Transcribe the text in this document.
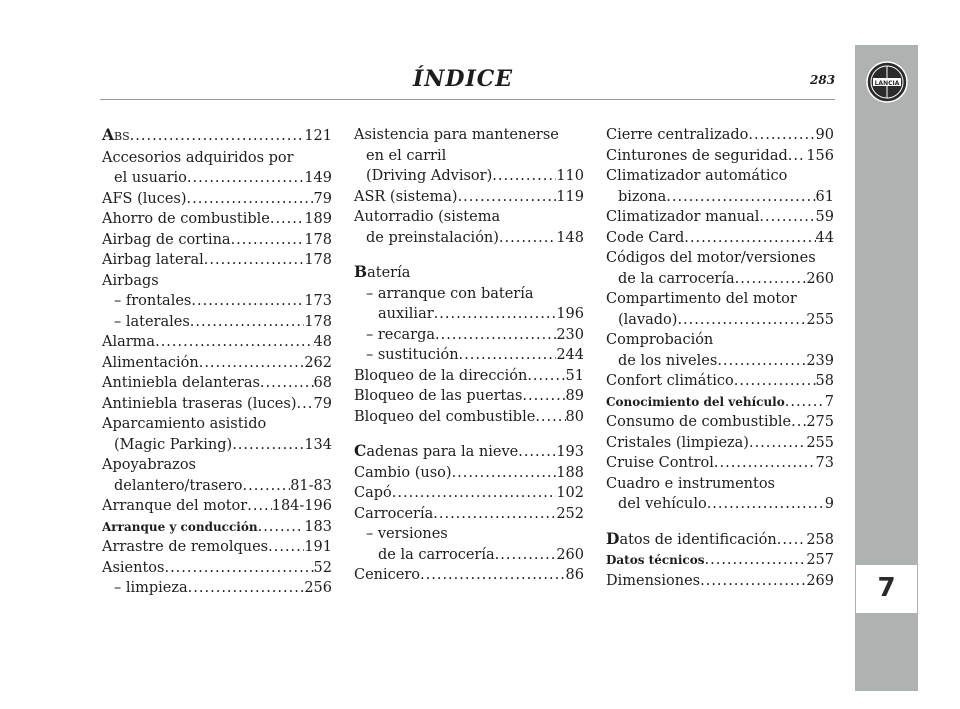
LANCIA
7
ÍNDICE	283
ABS .....	121
Accesorios adquiridos por
el usuario .....	149
AFS (luces) .....	79
Ahorro de combustible ..... 189
Airbag de cortina .....	178
Airbag lateral .....	178
Airbags
– frontales .....	173
– laterales .....	178
Alarma .....	48
Alimentación .....	262
Antiniebla delanteras .....	68
Antiniebla traseras (luces) ..... 79
Aparcamiento asistido
(Magic Parking) .....	134
Apoyabrazos
delantero/trasero .....	81-83
Arranque del motor ..... 184-196
Arranque y conducción .....	183
Arrastre de remolques ..... 191
Asientos .....	52
– limpieza .....	256
Asistencia para mantenerse
en el carril
(Driving Advisor) .....	110
ASR (sistema) .....	119
Autorradio (sistema
de preinstalación) .....	148
Batería
– arranque con batería
auxiliar .....	196
– recarga .....	230
– sustitución .....	244
Bloqueo de la dirección .....	51
Bloqueo de las puertas .....	89
Bloqueo del combustible ..... 80
Cadenas para la nieve .....	193
Cambio (uso) .....	188
Capó .....	102
Carrocería .....	252
– versiones
de la carrocería .....	260
Cenicero .....	86
Cierre centralizado .....	90
Cinturones de seguridad ..... 156
Climatizador automático
bizona .....	61
Climatizador manual .....	59
Code Card .....	44
Códigos del motor/versiones
de la carrocería .....	260
Compartimento del motor
(lavado) .....	255
Comprobación
de los niveles .....	239
Confort climático .....	58
Conocimiento del vehículo .....	7
Consumo de combustible ..... 275
Cristales (limpieza) .....	255
Cruise Control .....	73
Cuadro e instrumentos
del vehículo .....	9
Datos de identificación ..... 258
Datos técnicos .....	257
Dimensiones .....	269
